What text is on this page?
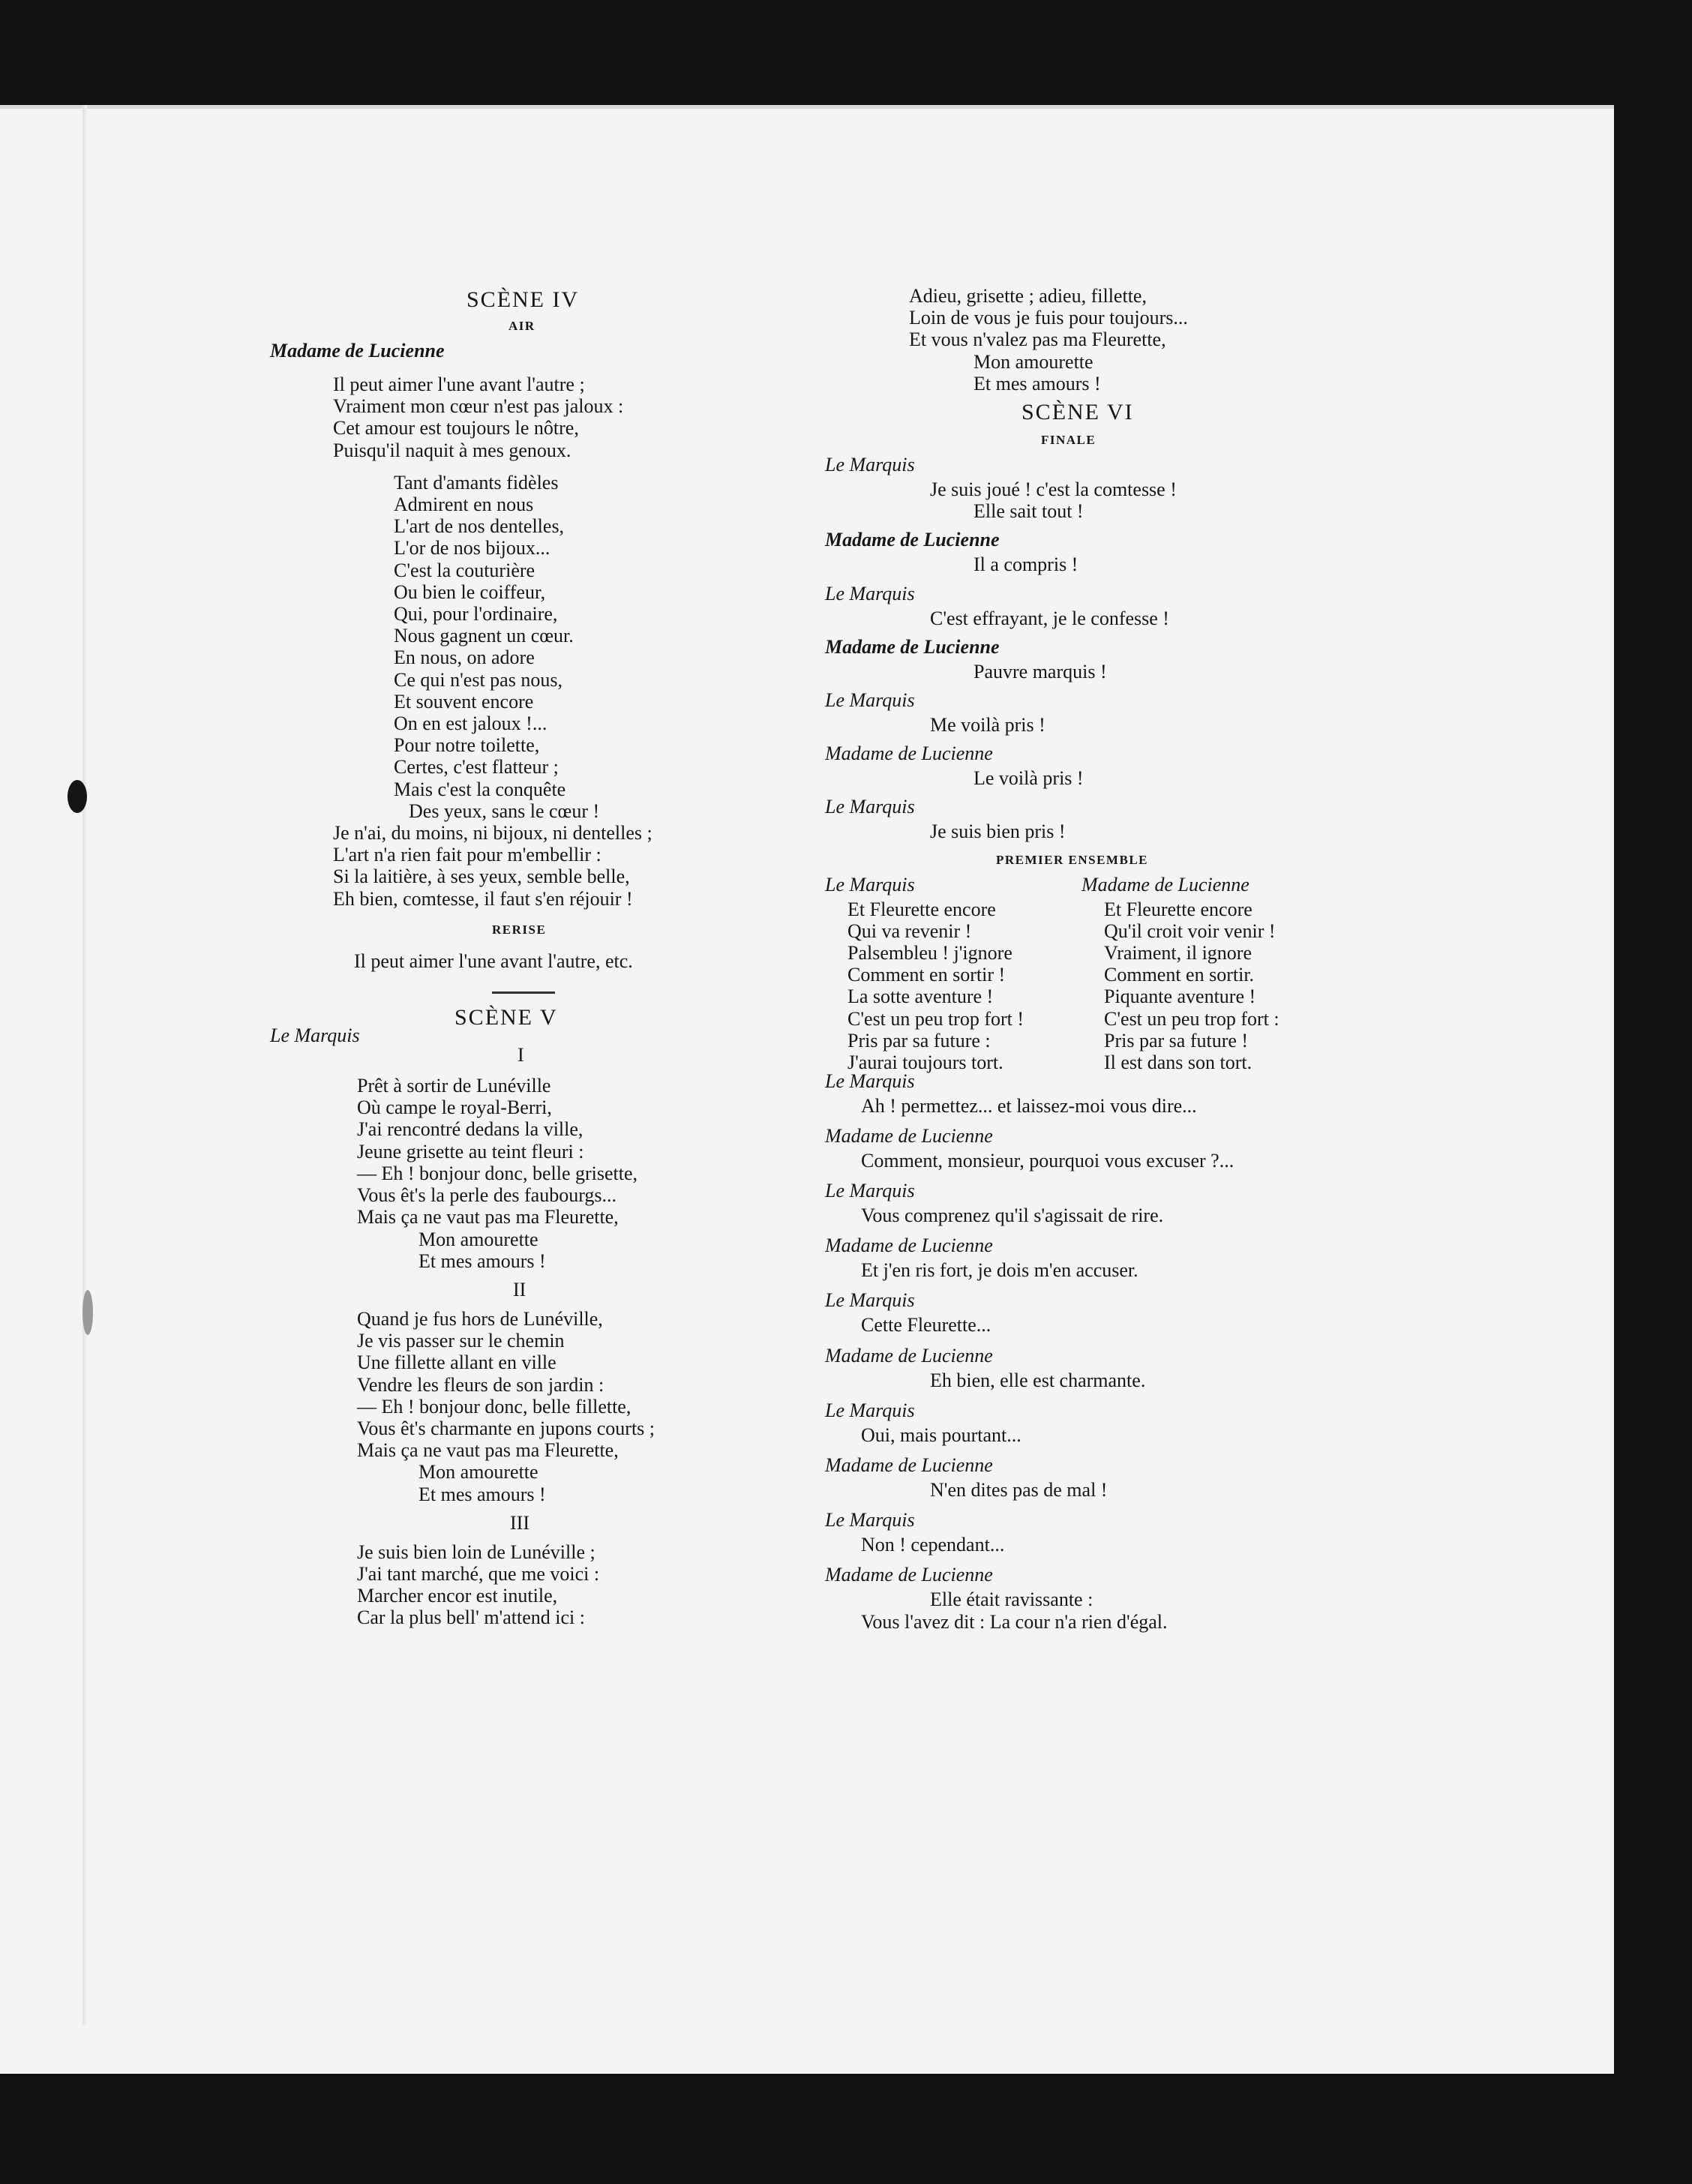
SCÈNE IV
AIR
Madame de Lucienne
Il peut aimer l'une avant l'autre ;
Vraiment mon cœur n'est pas jaloux :
Cet amour est toujours le nôtre,
Puisqu'il naquit à mes genoux.
Tant d'amants fidèles
Admirent en nous
L'art de nos dentelles,
L'or de nos bijoux...
C'est la couturière
Ou bien le coiffeur,
Qui, pour l'ordinaire,
Nous gagnent un cœur.
En nous, on adore
Ce qui n'est pas nous,
Et souvent encore
On en est jaloux !...
Pour notre toilette,
Certes, c'est flatteur ;
Mais c'est la conquête
Des yeux, sans le cœur !
Je n'ai, du moins, ni bijoux, ni dentelles ;
L'art n'a rien fait pour m'embellir :
Si la laitière, à ses yeux, semble belle,
Eh bien, comtesse, il faut s'en réjouir !
RERISE
Il peut aimer l'une avant l'autre, etc.
SCÈNE V
Le Marquis
I
Prêt à sortir de Lunéville
Où campe le royal-Berri,
J'ai rencontré dedans la ville,
Jeune grisette au teint fleuri :
— Eh ! bonjour donc, belle grisette,
Vous êt's la perle des faubourgs...
Mais ça ne vaut pas ma Fleurette,
Mon amourette
Et mes amours !
II
Quand je fus hors de Lunéville,
Je vis passer sur le chemin
Une fillette allant en ville
Vendre les fleurs de son jardin :
— Eh ! bonjour donc, belle fillette,
Vous êt's charmante en jupons courts ;
Mais ça ne vaut pas ma Fleurette,
Mon amourette
Et mes amours !
III
Je suis bien loin de Lunéville ;
J'ai tant marché, que me voici :
Marcher encor est inutile,
Car la plus bell' m'attend ici :
Adieu, grisette ; adieu, fillette,
Loin de vous je fuis pour toujours...
Et vous n'valez pas ma Fleurette,
Mon amourette
Et mes amours !
SCÈNE VI
FINALE
Le Marquis
Je suis joué ! c'est la comtesse !
Elle sait tout !
Madame de Lucienne
Il a compris !
Le Marquis
C'est effrayant, je le confesse !
Madame de Lucienne
Pauvre marquis !
Le Marquis
Me voilà pris !
Madame de Lucienne
Le voilà pris !
Le Marquis
Je suis bien pris !
PREMIER ENSEMBLE
Le Marquis
Et Fleurette encore
Qui va revenir !
Palsembleu ! j'ignore
Comment en sortir !
La sotte aventure !
C'est un peu trop fort !
Pris par sa future :
J'aurai toujours tort.
Madame de Lucienne
Et Fleurette encore
Qu'il croit voir venir !
Vraiment, il ignore
Comment en sortir.
Piquante aventure !
C'est un peu trop fort :
Pris par sa future !
Il est dans son tort.
Le Marquis
Ah ! permettez... et laissez-moi vous dire...
Madame de Lucienne
Comment, monsieur, pourquoi vous excuser ?...
Le Marquis
Vous comprenez qu'il s'agissait de rire.
Madame de Lucienne
Et j'en ris fort, je dois m'en accuser.
Le Marquis
Cette Fleurette...
Madame de Lucienne
Eh bien, elle est charmante.
Le Marquis
Oui, mais pourtant...
Madame de Lucienne
N'en dites pas de mal !
Le Marquis
Non ! cependant...
Madame de Lucienne
Elle était ravissante :
Vous l'avez dit : La cour n'a rien d'égal.
